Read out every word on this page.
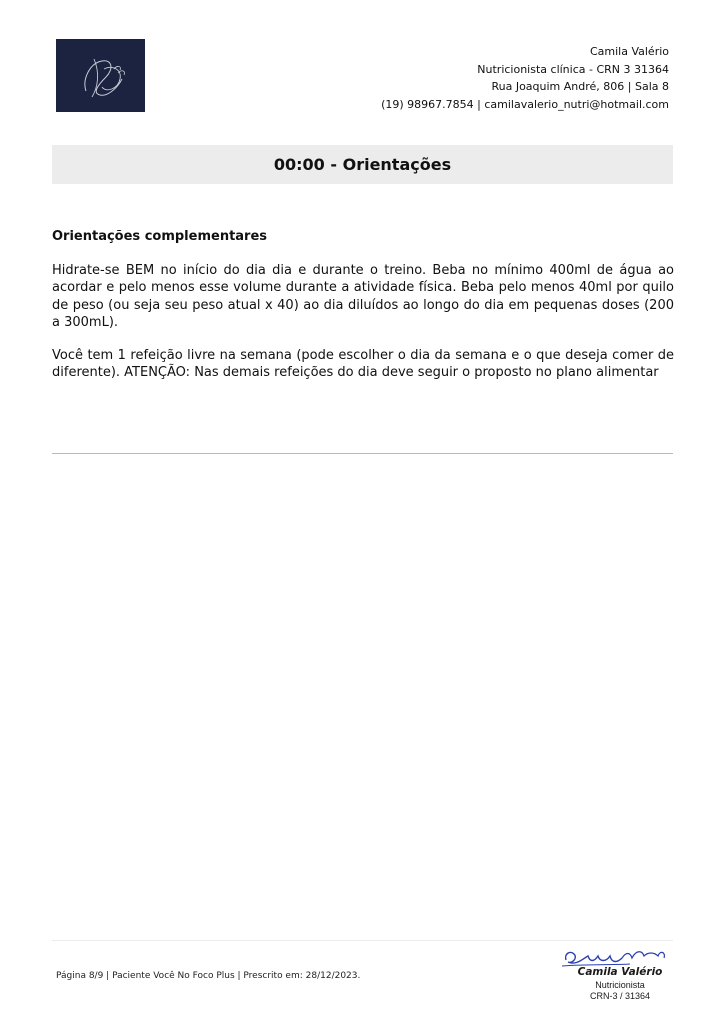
Camila Valério
Nutricionista clínica - CRN 3 31364
Rua Joaquim André, 806 | Sala 8
(19) 98967.7854 | camilavalerio_nutri@hotmail.com
00:00 - Orientações
Orientações complementares

Hidrate-se BEM no início do dia dia e durante o treino. Beba no mínimo 400ml de água ao acordar e pelo menos esse volume durante a atividade física. Beba pelo menos 40ml por quilo de peso (ou seja seu peso atual x 40) ao dia diluídos ao longo do dia em pequenas doses (200 a 300mL).

Você tem 1 refeição livre na semana (pode escolher o dia da semana e o que deseja comer de diferente). ATENÇÃO: Nas demais refeições do dia deve seguir o proposto no plano alimentar

Página 8/9 | Paciente Você No Foco Plus | Prescrito em: 28/12/2023.	Camila Valério
Nutricionista
CRN-3 / 31364
